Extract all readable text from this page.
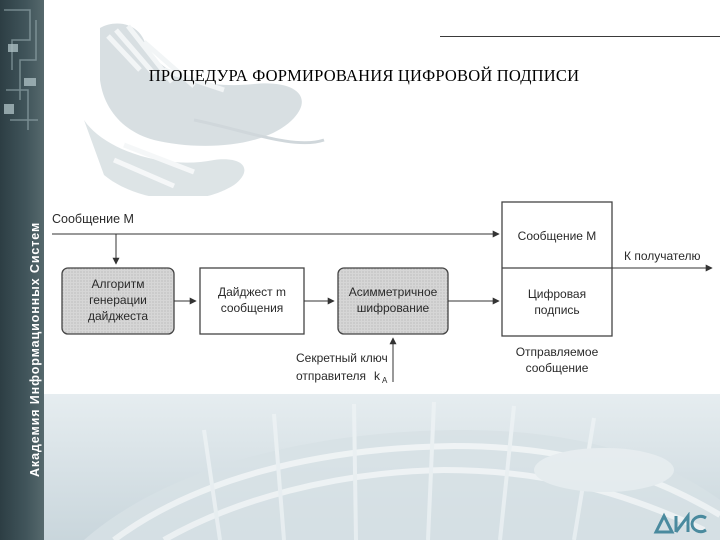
Академия Информационных Систем
ПРОЦЕДУРА ФОРМИРОВАНИЯ ЦИФРОВОЙ ПОДПИСИ
Сообщение М
Алгоритм
генерации
дайджеста
Дайджест m
сообщения
Асимметричное
шифрование
Секретный ключ
отправителя k A
Сообщение М
Цифровая
подпись
К получателю
Отправляемое
сообщение
